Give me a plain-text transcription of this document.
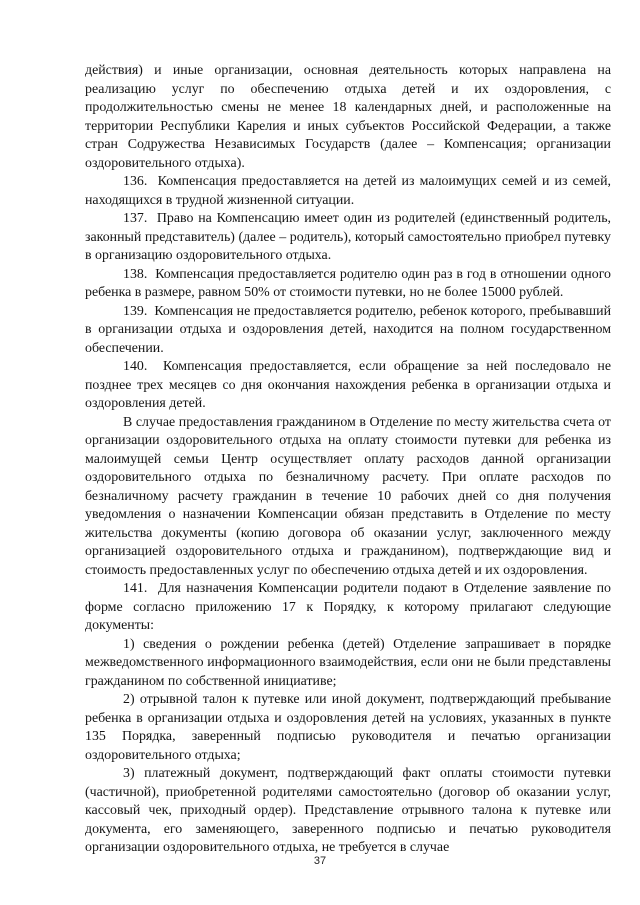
действия) и иные организации, основная деятельность которых направлена на реализацию услуг по обеспечению отдыха детей и их оздоровления, с продолжительностью смены не менее 18 календарных дней, и расположенные на территории Республики Карелия и иных субъектов Российской Федерации, а также стран Содружества Независимых Государств (далее – Компенсация; организации оздоровительного отдыха).

136.  Компенсация предоставляется на детей из малоимущих семей и из семей, находящихся в трудной жизненной ситуации.

137.  Право на Компенсацию имеет один из родителей (единственный родитель, законный представитель) (далее – родитель), который самостоятельно приобрел путевку в организацию оздоровительного отдыха.

138.  Компенсация предоставляется родителю один раз в год в отношении одного ребенка в размере, равном 50% от стоимости путевки, но не более 15000 рублей.

139.  Компенсация не предоставляется родителю, ребенок которого, пребывавший в организации отдыха и оздоровления детей, находится на полном государственном обеспечении.

140.  Компенсация предоставляется, если обращение за ней последовало не позднее трех месяцев со дня окончания нахождения ребенка в организации отдыха и оздоровления детей.

В случае предоставления гражданином в Отделение по месту жительства счета от организации оздоровительного отдыха на оплату стоимости путевки для ребенка из малоимущей семьи Центр осуществляет оплату расходов данной организации оздоровительного отдыха по безналичному расчету. При оплате расходов по безналичному расчету гражданин в течение 10 рабочих дней со дня получения уведомления о назначении Компенсации обязан представить в Отделение по месту жительства документы (копию договора об оказании услуг, заключенного между организацией оздоровительного отдыха и гражданином), подтверждающие вид и стоимость предоставленных услуг по обеспечению отдыха детей и их оздоровления.

141.  Для назначения Компенсации родители подают в Отделение заявление по форме согласно приложению 17 к Порядку, к которому прилагают следующие документы:

1) сведения о рождении ребенка (детей) Отделение запрашивает в порядке межведомственного информационного взаимодействия, если они не были представлены гражданином по собственной инициативе;

2) отрывной талон к путевке или иной документ, подтверждающий пребывание ребенка в организации отдыха и оздоровления детей на условиях, указанных в пункте 135 Порядка, заверенный подписью руководителя и печатью организации оздоровительного отдыха;

3) платежный документ, подтверждающий факт оплаты стоимости путевки (частичной), приобретенной родителями самостоятельно (договор об оказании услуг, кассовый чек, приходный ордер). Представление отрывного талона к путевке или документа, его заменяющего, заверенного подписью и печатью руководителя организации оздоровительного отдыха, не требуется в случае

37
